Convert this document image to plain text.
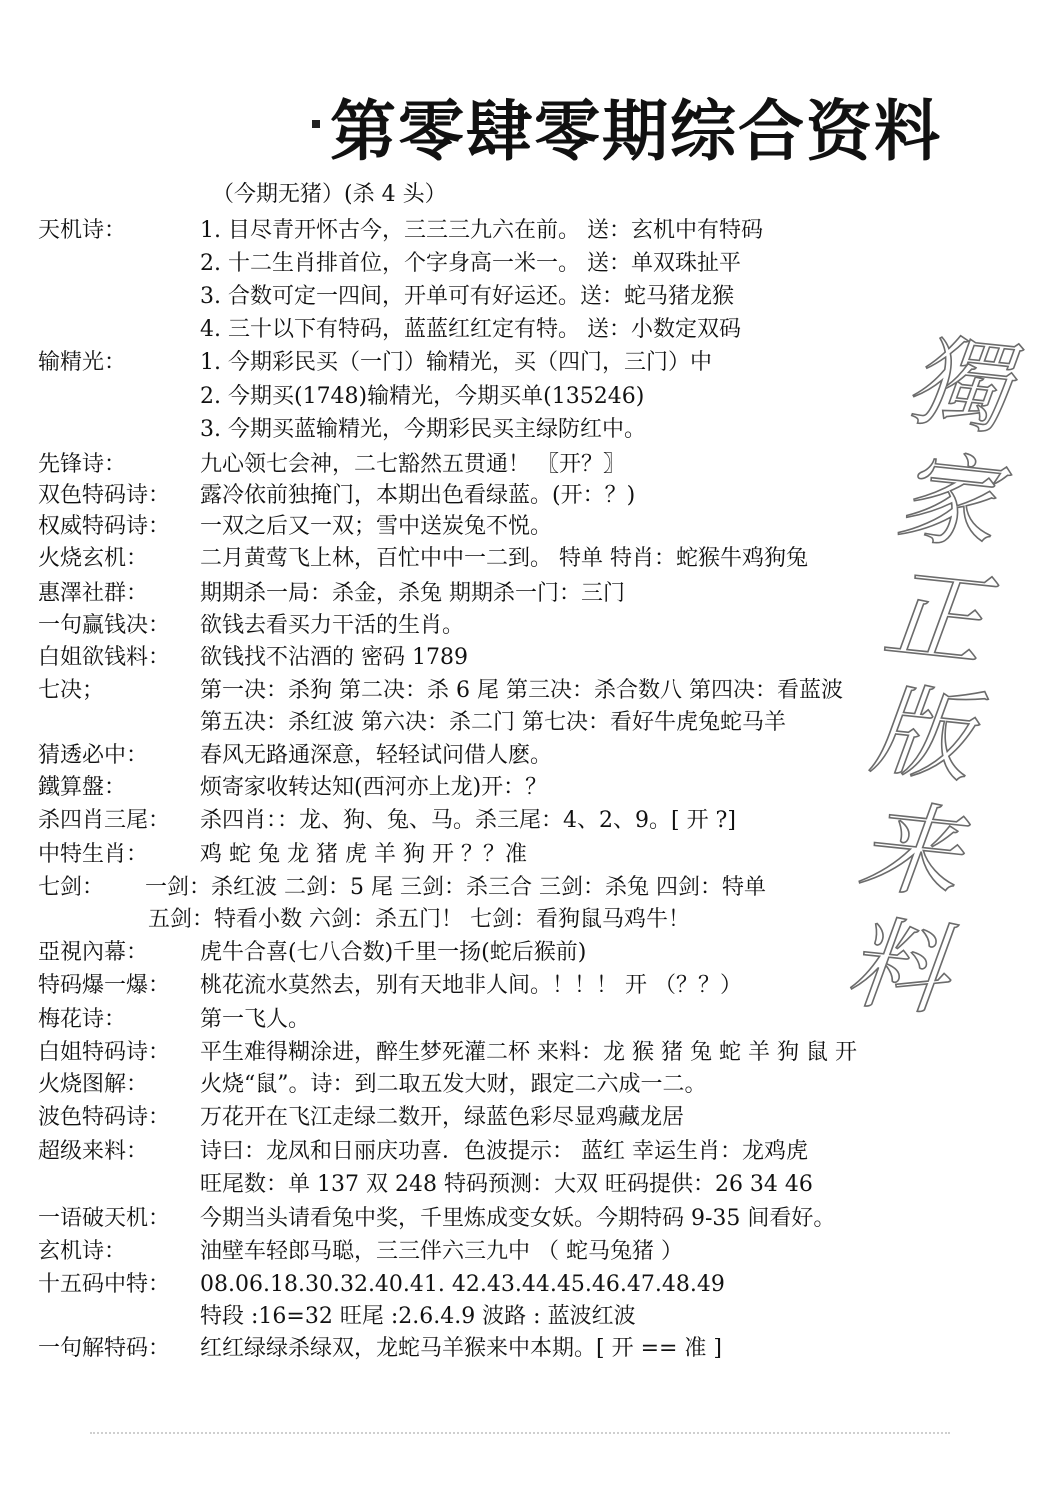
第零肆零期综合资料
（今期无猪）(杀 4 头）
天机诗：
输精光：
先锋诗：
双色特码诗：
权威特码诗：
火烧玄机：
惠澤社群：
一句赢钱决：
白姐欲钱料：
七决；
猜透必中：
鐵算盤：
杀四肖三尾：
中特生肖：
七剑：
亞視內幕：
特码爆一爆：
梅花诗：
白姐特码诗：
火烧图解：
波色特码诗：
超级来料：
一语破天机：
玄机诗：
十五码中特：
一句解特码：
1. 目尽青开怀古今，三三三九六在前。 送：玄机中有特码
2. 十二生肖排首位，个字身高一米一。 送：单双珠扯平
3. 合数可定一四间，开单可有好运还。送：蛇马猪龙猴
4. 三十以下有特码，蓝蓝红红定有特。 送：小数定双码
1. 今期彩民买（一门）输精光，买（四门，三门）中
2. 今期买(1748)输精光，今期买单(135246)
3. 今期买蓝输精光，今期彩民买主绿防红中。
九心领七会神，二七豁然五贯通！ 〖开？〗
露冷依前独掩门，本期出色看绿蓝。(开：？)
一双之后又一双；雪中送炭兔不悦。
二月黄莺飞上林，百忙中中一二到。 特单 特肖：蛇猴牛鸡狗兔
期期杀一局：杀金，杀兔 期期杀一门：三门
欲钱去看买力干活的生肖。
欲钱找不沾酒的 密码 1789
第一决：杀狗 第二决：杀 6 尾 第三决：杀合数八 第四决：看蓝波
第五决：杀红波 第六决：杀二门 第七决：看好牛虎兔蛇马羊
春风无路通深意，轻轻试问借人麽。
烦寄家收转达知(西河亦上龙)开：？
杀四肖：：龙、狗、兔、马。杀三尾：4、2、9。[ 开 ?]
鸡 蛇 兔 龙 猪 虎 羊 狗 开 ？？准
一剑：杀红波 二剑：5 尾 三剑：杀三合 三剑：杀兔 四剑：特单
五剑：特看小数 六剑：杀五门！ 七剑：看狗鼠马鸡牛！
虎牛合喜(七八合数)千里一扬(蛇后猴前)
桃花流水莫然去，别有天地非人间。！！！ 开 （？？）
第一飞人。
平生难得糊涂进，醉生梦死灌二杯 来料：龙 猴 猪 兔 蛇 羊 狗 鼠 开
火烧“鼠”。诗：到二取五发大财，跟定二六成一二。
万花开在飞江走绿二数开，绿蓝色彩尽显鸡藏龙居
诗曰：龙凤和日丽庆功喜．色波提示： 蓝红 幸运生肖：龙鸡虎
旺尾数：单 137 双 248 特码预测：大双 旺码提供：26 34 46
今期当头请看兔中奖，千里炼成变女妖。今期特码 9-35 间看好。
油壁车轻郎马聪，三三伴六三九中 （ 蛇马兔猪 ）
08.06.18.30.32.40.41. 42.43.44.45.46.47.48.49
特段 :16=32 旺尾 :2.6.4.9 波路 : 蓝波红波
红红绿绿杀绿双，龙蛇马羊猴来中本期。[ 开 == 准 ]
獨
家
正
版
来
料
